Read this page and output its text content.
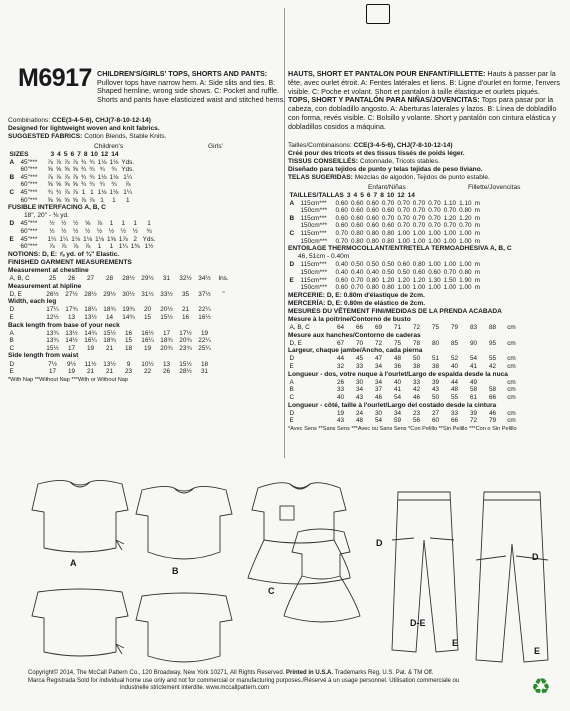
M6917 CHILDREN'S/GIRLS' TOPS, SHORTS AND PANTS: Pullover tops have narrow hem. A: Side slits and ties. B: Shaped hemline, wrong side shows. C: Pocket and ruffle. Shorts and pants have elasticized waist and stitched hems.
Combinations: CCE(3-4-5-6), CHJ(7-8-10-12-14)
Designed for lightweight woven and knit fabrics.
SUGGESTED FABRICS: Cotton Blends, Stable Knits.
Children's	Girls'
SIZES	3	4	5	6	7	8	10	12	14
A	45"***	⅞	⅞	⅞	⅞	¾	¾	1⅛	1⅛	Yds.
	60"***	⅝	⅝	⅝	⅝	¾	¾	¾	¾	Yds.
B	45"***	⅞	⅞	⅞	⅞	¾	¾	1⅛	1⅛	1¼
	60"***	⅝	⅝	⅝	⅝	¾	¾	¾	¾	⅞
C	45"***	¾	¾	⅞	⅞	1	1	1⅛	1⅛	1¼
	60"***	⅝	⅝	⅝	⅝	⅞	⅞	1	1	1
FUSIBLE INTERFACING A, B, C
18", 20" - ⅜ yd.
D	45"***	½	½	½	⅝	⅞	1	1	1	1
	60"***	½	½	½	½	½	½	½	½	¾
E	45"***	1¼	1¼	1⅛	1⅛	1⅛	1⅝	1⅞	2	Yds.
	60"***	⅞	⅞	⅞	⅞	1	1	1¼	1⅜	1½
NOTIONS: D, E: ⅞ yd. of ¾" Elastic.
FINISHED GARMENT MEASUREMENTS
Measurement at chestline
A, B, C	25	26	27	28	28½	29½	31	32½	34½	Ins.
Measurement at hipline
D, E	26½	27½	28½	29½	30½	31½	33½	35	37½	"
Width, each leg
D	17¼	17¾	18¼	18¾	19¾	20	20½	21	22¼
E	12½	13	13½	14	14¾	15	15½	16	16½
Back length from base of your neck
A	13¾	13½	14¾	15½	16	16½	17	17½	19
B	13¾	14½	16¼	18¾	15	16¼	18¾	20¾	22¼
C	15½	17	19	21	18	19	20¾	23¾	25¼
Side length from waist
D	7½	9½	11½	13½	9	10½	13	15½	18
E	17	19	21	21	23	22	26	28½	31
*With Nap **Without Nap ***With or Without Nap
HAUTS, SHORT ET PANTALON POUR ENFANT/FILLETTE: Hauts à passer par la tête, avec ourlet étroit. A: Fentes latérales et liens. B: Ligne d'ourlet en forme, l'envers visible. C: Poche et volant. Short et pantalon à taille élastique et ourlets piqués.
TOPS, SHORT Y PANTALÓN PARA NIÑAS/JOVENCITAS: Tops para pasar por la cabeza, con dobladillo angosto. A: Aberturas laterales y lazos. B: Línea de dobladillo con forma, revés visible. C: Bolsillo y volante. Short y pantalón con cintura elástica y dobladillos cosidos a máquina.
Tailles/Combinaisons: CCE(3-4-5-6), CHJ(7-8-10-12-14)
Créé pour des tricots et des tissus tissés de poids léger.
TISSUS CONSEILLÉS: Cotonnade, Tricots stables.
Diseñado para tejidos de punto y telas tejidas de peso liviano.
TELAS SUGERIDAS: Mezclas de algodón, Tejidos de punto estable.
Enfant/Niñas	Fillette/Jovencitas
TAILLES/TALLAS	3	4	5	6	7	8	10	12	14
A	115cm***	0.60	0.60	0.60	0.70	0.70	0.70	0.70	1.10	1.10	m
	150cm***	0.60	0.60	0.60	0.60	0.70	0.70	0.70	0.70	0.80	m
B	115cm***	0.60	0.60	0.60	0.70	0.70	0.70	0.70	1.20	1.20	m
	150cm***	0.60	0.60	0.60	0.60	0.70	0.70	0.70	0.70	0.70	m
C	115cm***	0.70	0.80	0.80	0.80	1.00	1.00	1.00	1.00	1.00	m
	150cm***	0.70	0.80	0.80	0.80	1.00	1.00	1.00	1.00	1.00	m
ENTOILAGE THERMOCOLLANT/ENTRETELA TERMOADHESIVA A, B, C
46, 51cm - 0.40m
D	115cm***	0.40	0.50	0.50	0.50	0.60	0.80	1.00	1.00	1.00	m
	150cm***	0.40	0.40	0.40	0.50	0.50	0.60	0.60	0.70	0.80	m
E	115cm***	0.60	0.70	0.80	1.20	1.20	1.20	1.30	1.50	1.90	m
	150cm***	0.60	0.70	0.80	0.80	1.00	1.00	1.00	1.00	1.00	m
MERCERIE: D, E: 0.80m d'élastique de 2cm.
MERCERÍA: D, E: 0.80m de elástico de 2cm.
MESURES DU VÊTEMENT FINI/MEDIDAS DE LA PRENDA ACABADA
Mesure à la poitrine/Contorno de busto
A, B, C	64	66	69	71	72	75	79	83	88	cm
Mesure aux hanches/Contorno de caderas
D, E	67	70	72	75	78	80	85	90	95	cm
Largeur, chaque jambe/Ancho, cada pierna
D	44	45	47	48	50	51	52	54	55	cm
E	32	33	34	36	38	38	40	41	42	cm
Longueur - dos, votre nuque à l'ourlet/Largo de espalda desde la nuca
A	26	30	34	40	33	39	44	49		cm
B	33	34	37	41	42	43	48	58	58	cm
C	40	43	46	54	46	50	55	61	66	cm
Longueur - côté, taille à l'ourlet/Largo del costado desde la cintura
D	19	24	30	34	23	27	33	39	46	cm
E	43	48	54	59	56	60	66	72	79	cm
*Avec Sens **Sans Sens ***Avec ou Sans Sens *Con Pelillo **Sin Pelillo ***Con o Sin Pelillo
A
B
C
D
D
D-E
E
E
Copyright© 2014, The McCall Pattern Co., 120 Broadway, New York 10271, All Rights Reserved. Printed in U.S.A. Trademarks Reg. U.S. Pat. & TM Off.
Marca Registrada Sold for individual home use only and not for commercial or manufacturing purposes./Réservé à un usage personnel. Utilisation commerciale ou
industrielle strictement interdite. www.mccallpattern.com	♻
